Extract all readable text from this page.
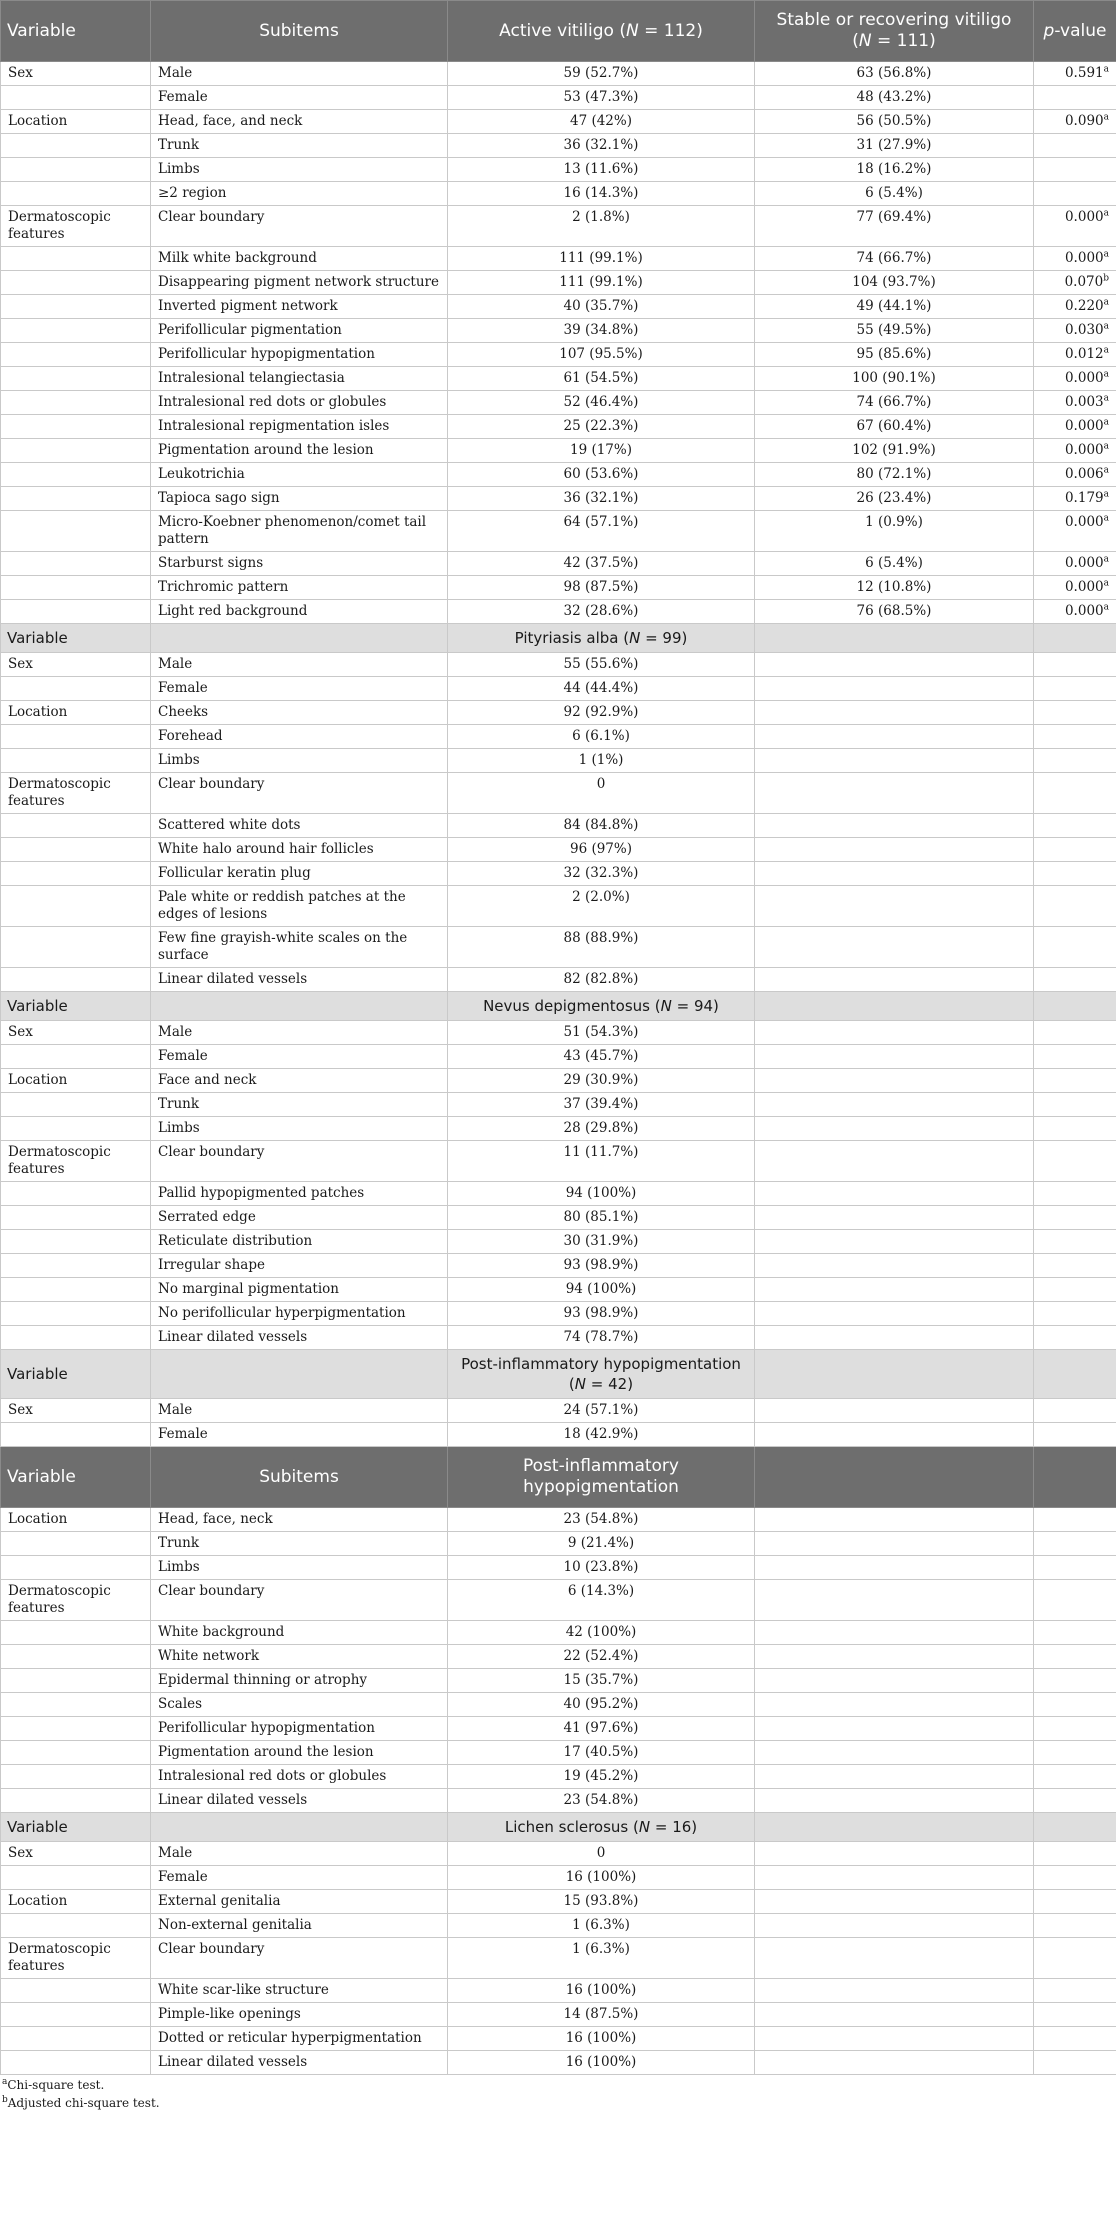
Variable	Subitems	Active vitiligo (N = 112)	Stable or recovering vitiligo
(N = 111)	p-value
Sex	Male	59 (52.7%)	63 (56.8%)	0.591$^a$
	Female	53 (47.3%)	48 (43.2%)	
Location	Head, face, and neck	47 (42%)	56 (50.5%)	0.090$^a$
	Trunk	36 (32.1%)	31 (27.9%)	
	Limbs	13 (11.6%)	18 (16.2%)	
	≥2 region	16 (14.3%)	6 (5.4%)	
Dermatoscopic features	Clear boundary	2 (1.8%)	77 (69.4%)	0.000$^a$
	Milk white background	111 (99.1%)	74 (66.7%)	0.000$^a$
	Disappearing pigment network structure	111 (99.1%)	104 (93.7%)	0.070$^b$
	Inverted pigment network	40 (35.7%)	49 (44.1%)	0.220$^a$
	Perifollicular pigmentation	39 (34.8%)	55 (49.5%)	0.030$^a$
	Perifollicular hypopigmentation	107 (95.5%)	95 (85.6%)	0.012$^a$
	Intralesional telangiectasia	61 (54.5%)	100 (90.1%)	0.000$^a$
	Intralesional red dots or globules	52 (46.4%)	74 (66.7%)	0.003$^a$
	Intralesional repigmentation isles	25 (22.3%)	67 (60.4%)	0.000$^a$
	Pigmentation around the lesion	19 (17%)	102 (91.9%)	0.000$^a$
	Leukotrichia	60 (53.6%)	80 (72.1%)	0.006$^a$
	Tapioca sago sign	36 (32.1%)	26 (23.4%)	0.179$^a$
	Micro-Koebner phenomenon/comet tail pattern	64 (57.1%)	1 (0.9%)	0.000$^a$
	Starburst signs	42 (37.5%)	6 (5.4%)	0.000$^a$
	Trichromic pattern	98 (87.5%)	12 (10.8%)	0.000$^a$
	Light red background	32 (28.6%)	76 (68.5%)	0.000$^a$
Variable		Pityriasis alba (N = 99)		
Sex	Male	55 (55.6%)		
	Female	44 (44.4%)		
Location	Cheeks	92 (92.9%)		
	Forehead	6 (6.1%)		
	Limbs	1 (1%)		
Dermatoscopic features	Clear boundary	0		
	Scattered white dots	84 (84.8%)		
	White halo around hair follicles	96 (97%)		
	Follicular keratin plug	32 (32.3%)		
	Pale white or reddish patches at the edges of lesions	2 (2.0%)		
	Few fine grayish-white scales on the surface	88 (88.9%)		
	Linear dilated vessels	82 (82.8%)		
Variable		Nevus depigmentosus (N = 94)		
Sex	Male	51 (54.3%)		
	Female	43 (45.7%)		
Location	Face and neck	29 (30.9%)		
	Trunk	37 (39.4%)		
	Limbs	28 (29.8%)		
Dermatoscopic features	Clear boundary	11 (11.7%)		
	Pallid hypopigmented patches	94 (100%)		
	Serrated edge	80 (85.1%)		
	Reticulate distribution	30 (31.9%)		
	Irregular shape	93 (98.9%)		
	No marginal pigmentation	94 (100%)		
	No perifollicular hyperpigmentation	93 (98.9%)		
	Linear dilated vessels	74 (78.7%)		
Variable		Post-inflammatory hypopigmentation
(N = 42)		
Sex	Male	24 (57.1%)		
	Female	18 (42.9%)		
Variable	Subitems	Post-inflammatory hypopigmentation		
Location	Head, face, neck	23 (54.8%)		
	Trunk	9 (21.4%)		
	Limbs	10 (23.8%)		
Dermatoscopic features	Clear boundary	6 (14.3%)		
	White background	42 (100%)		
	White network	22 (52.4%)		
	Epidermal thinning or atrophy	15 (35.7%)		
	Scales	40 (95.2%)		
	Perifollicular hypopigmentation	41 (97.6%)		
	Pigmentation around the lesion	17 (40.5%)		
	Intralesional red dots or globules	19 (45.2%)		
	Linear dilated vessels	23 (54.8%)		
Variable		Lichen sclerosus (N = 16)		
Sex	Male	0		
	Female	16 (100%)		
Location	External genitalia	15 (93.8%)		
	Non-external genitalia	1 (6.3%)		
Dermatoscopic features	Clear boundary	1 (6.3%)		
	White scar-like structure	16 (100%)		
	Pimple-like openings	14 (87.5%)		
	Dotted or reticular hyperpigmentation	16 (100%)		
	Linear dilated vessels	16 (100%)		
$^a$Chi-square test.
$^b$Adjusted chi-square test.
